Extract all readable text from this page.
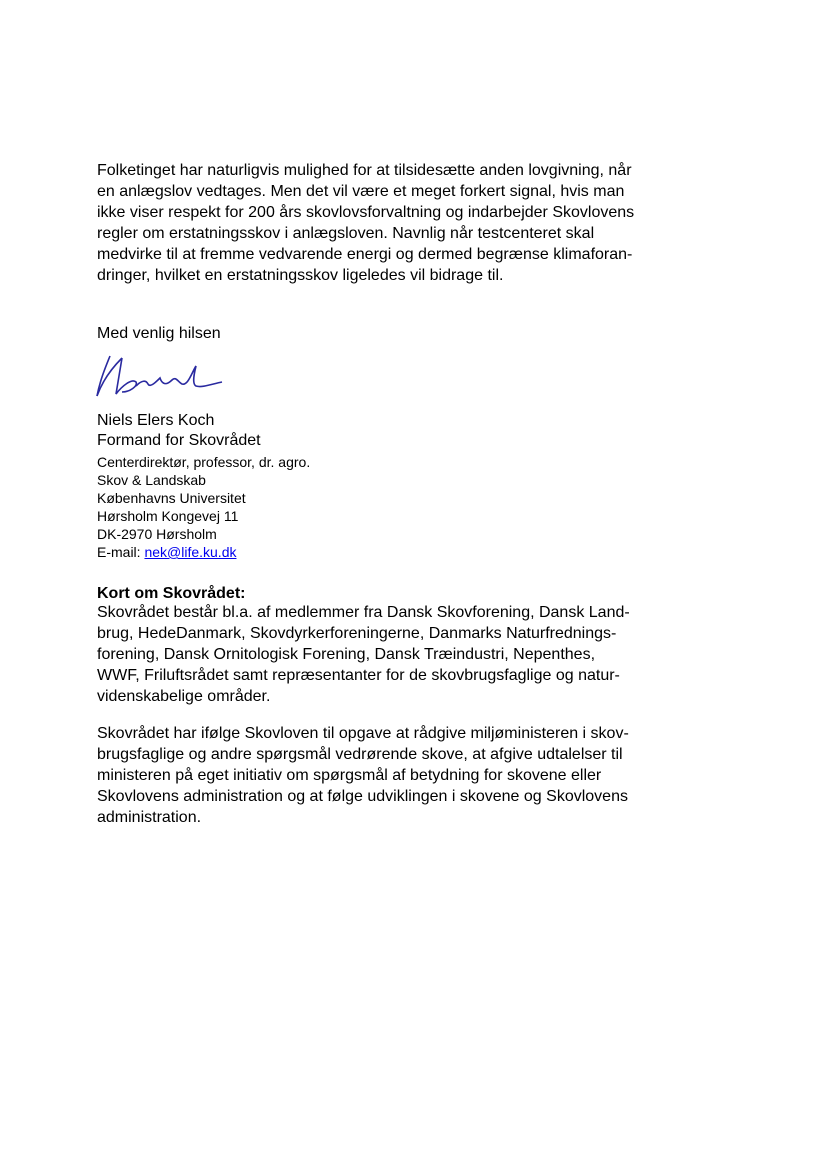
Folketinget har naturligvis mulighed for at tilsidesætte anden lovgivning, når
en anlægslov vedtages. Men det vil være et meget forkert signal, hvis man
ikke viser respekt for 200 års skovlovsforvaltning og indarbejder Skovlovens
regler om erstatningsskov i anlægsloven. Navnlig når testcenteret skal
medvirke til at fremme vedvarende energi og dermed begrænse klimaforan-
dringer, hvilket en erstatningsskov ligeledes vil bidrage til.
Med venlig hilsen
Niels Elers Koch
Formand for Skovrådet
Centerdirektør, professor, dr. agro.
Skov & Landskab
Københavns Universitet
Hørsholm Kongevej 11
DK-2970 Hørsholm
E-mail: nek@life.ku.dk
Kort om Skovrådet:
Skovrådet består bl.a. af medlemmer fra Dansk Skovforening, Dansk Land-
brug, HedeDanmark, Skovdyrkerforeningerne, Danmarks Naturfrednings-
forening, Dansk Ornitologisk Forening, Dansk Træindustri, Nepenthes,
WWF, Friluftsrådet samt repræsentanter for de skovbrugsfaglige og natur-
videnskabelige områder.
Skovrådet har ifølge Skovloven til opgave at rådgive miljøministeren i skov-
brugsfaglige og andre spørgsmål vedrørende skove, at afgive udtalelser til
ministeren på eget initiativ om spørgsmål af betydning for skovene eller
Skovlovens administration og at følge udviklingen i skovene og Skovlovens
administration.
